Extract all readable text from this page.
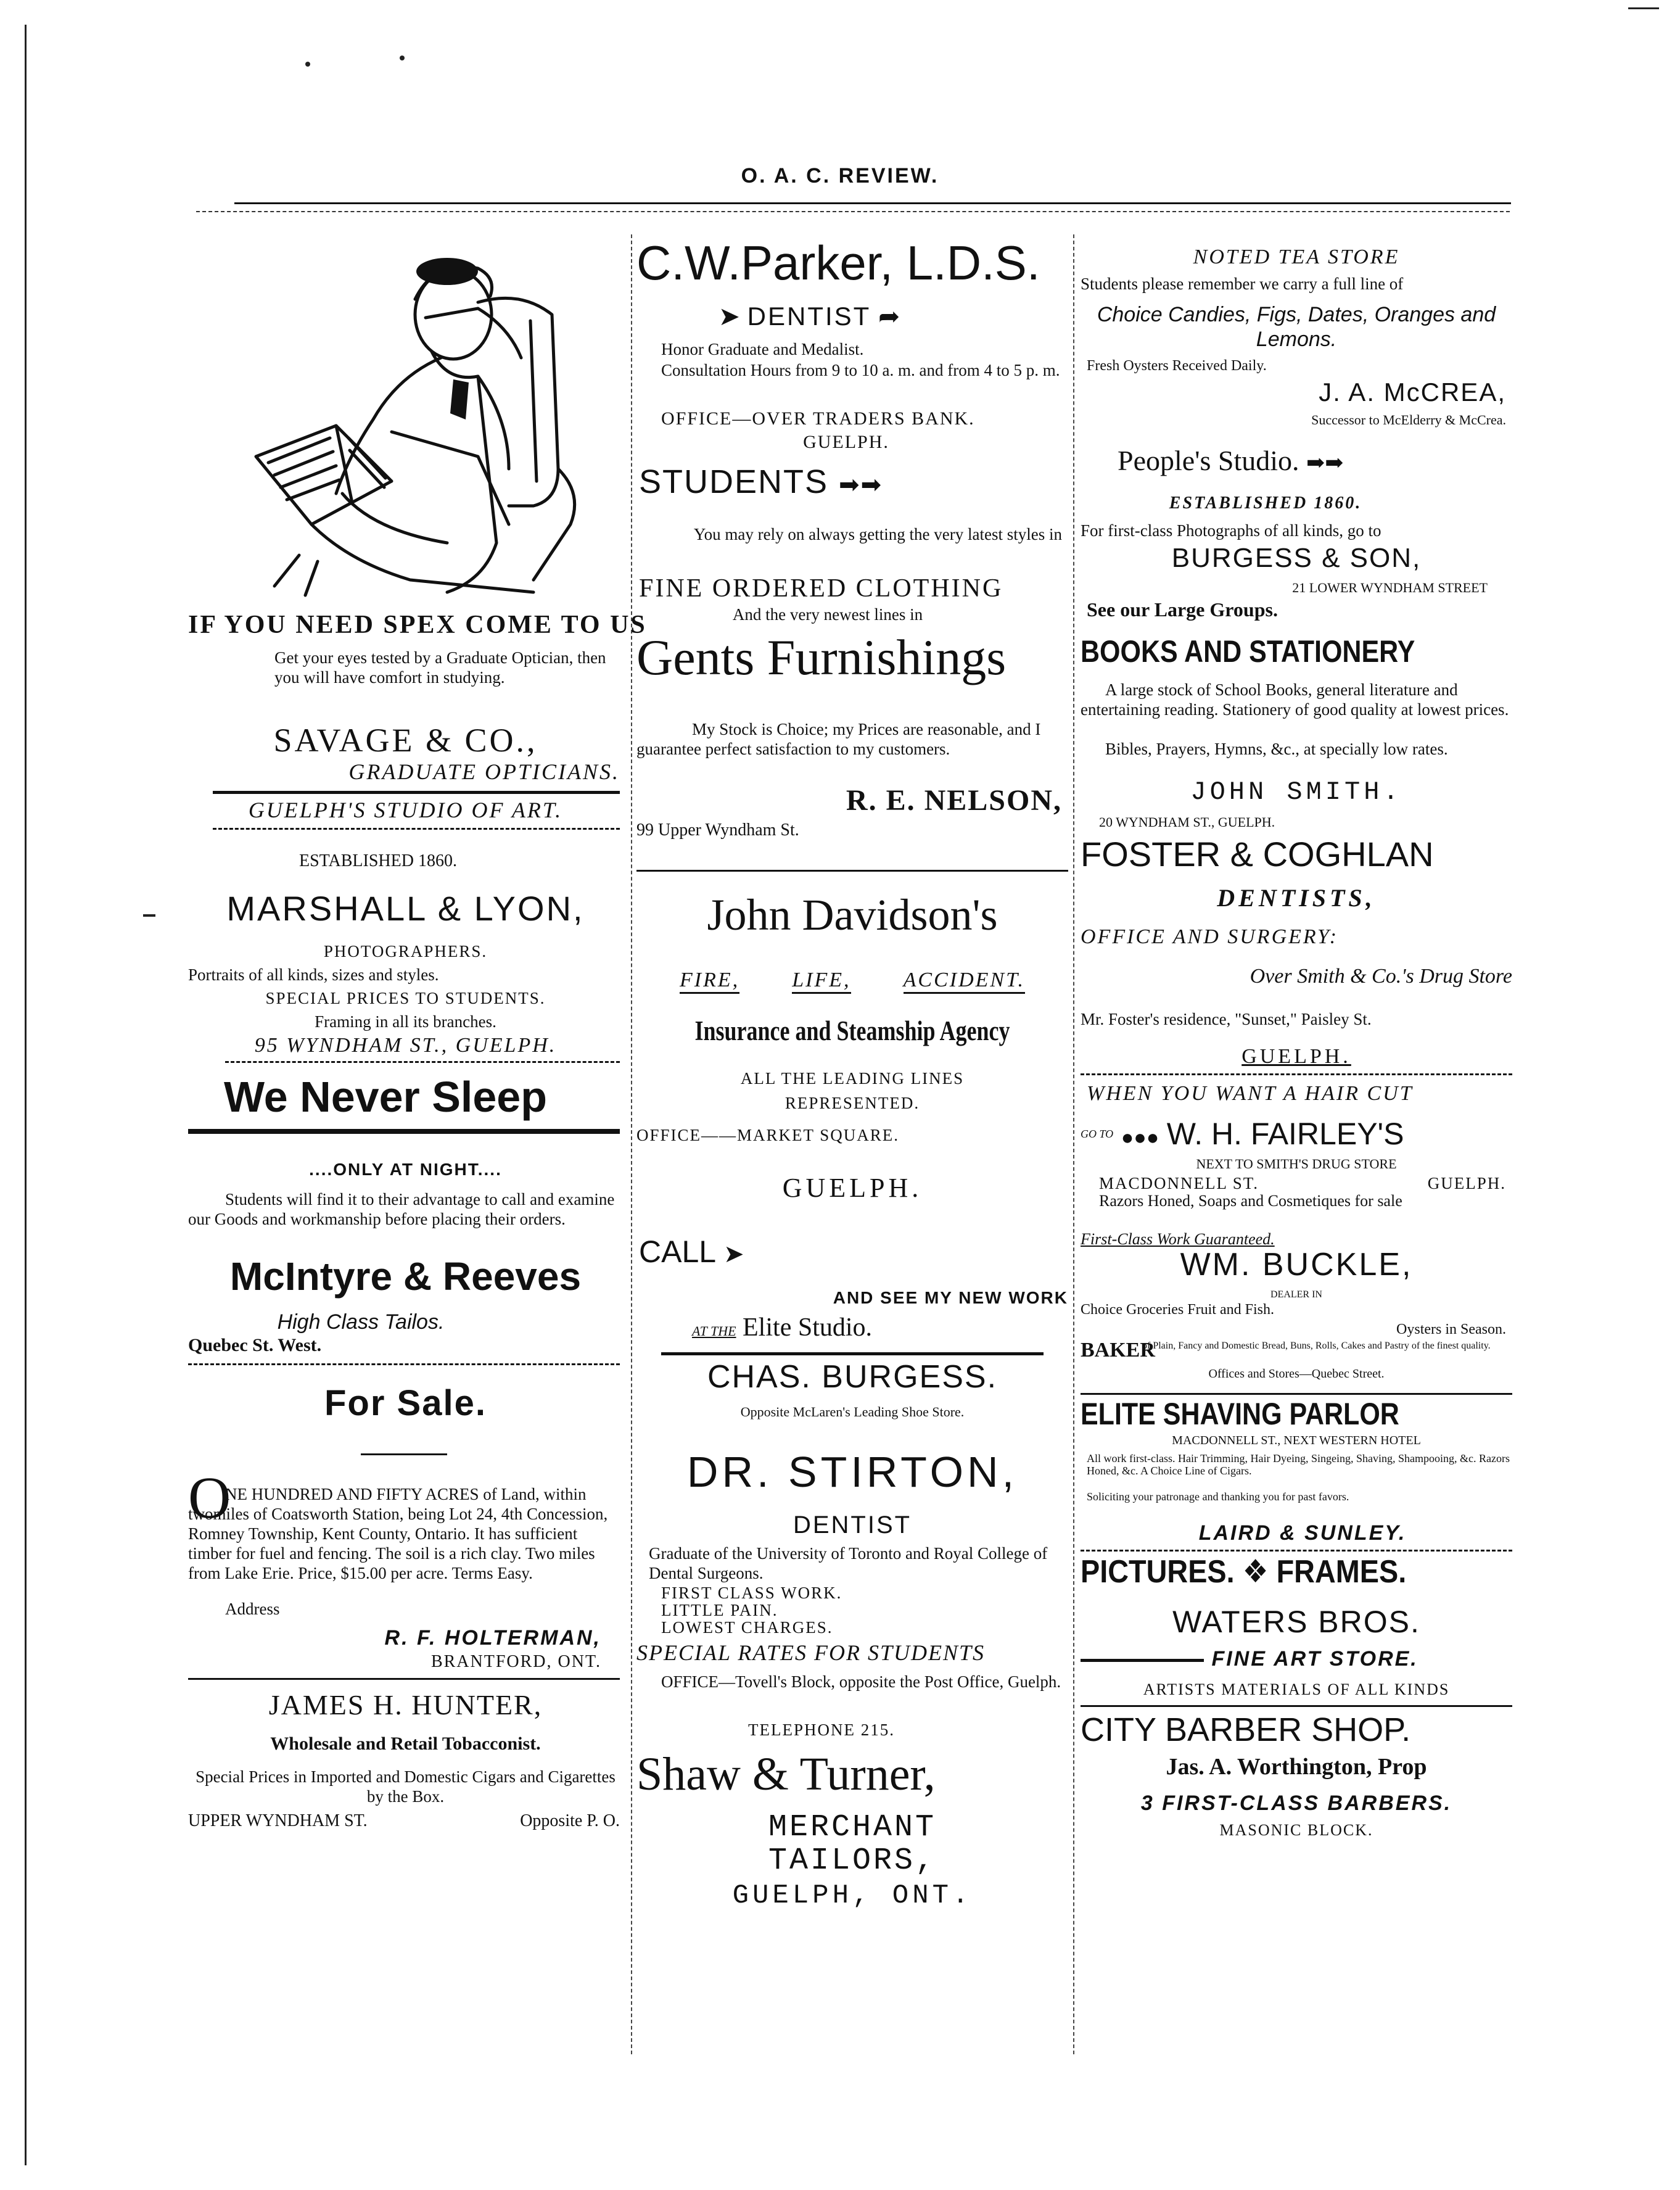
O. A. C. REVIEW.
IF YOU NEED SPEX COME TO US
Get your eyes tested by a Graduate Optician, then you will have comfort in studying.
SAVAGE & CO.,
GRADUATE OPTICIANS.
GUELPH'S STUDIO OF ART.
ESTABLISHED 1860.
MARSHALL & LYON,
PHOTOGRAPHERS.
Portraits of all kinds, sizes and styles.
SPECIAL PRICES TO STUDENTS.
Framing in all its branches.
95 WYNDHAM ST., GUELPH.
We Never Sleep
....ONLY AT NIGHT....
Students will find it to their advantage to call and examine our Goods and workmanship before placing their orders.
McIntyre & Reeves
High Class Tailos.
Quebec St. West.
For Sale.
O
NE HUNDRED AND FIFTY ACRES of Land, within twomiles of Coatsworth Station, being Lot 24, 4th Concession, Romney Township, Kent County, Ontario. It has sufficient timber for fuel and fencing. The soil is a rich clay. Two miles from Lake Erie. Price, $15.00 per acre. Terms Easy.
Address
R. F. HOLTERMAN,
BRANTFORD, ONT.
JAMES H. HUNTER,
Wholesale and Retail Tobacconist.
Special Prices in Imported and Domestic Cigars and Cigarettes by the Box.
UPPER WYNDHAM ST.	Opposite P. O.
C.W.Parker, L.D.S.
➤ DENTIST ➦
Honor Graduate and Medalist.
Consultation Hours from 9 to 10 a. m. and from 4 to 5 p. m.
OFFICE—OVER TRADERS BANK.
GUELPH.
STUDENTS ➡➡
You may rely on always getting the very latest styles in
FINE ORDERED CLOTHING
And the very newest lines in
Gents Furnishings
My Stock is Choice; my Prices are reasonable, and I guarantee perfect satisfaction to my customers.
R. E. NELSON,
99 Upper Wyndham St.
John Davidson's
FIRE,	LIFE,	ACCIDENT.
Insurance and Steamship Agency
ALL THE LEADING LINES
REPRESENTED.
OFFICE——MARKET SQUARE.
GUELPH.
CALL ➤
AND SEE MY NEW WORK
AT THE Elite Studio.
CHAS. BURGESS.
Opposite McLaren's Leading Shoe Store.
DR. STIRTON,
DENTIST
Graduate of the University of Toronto and Royal College of Dental Surgeons.
FIRST CLASS WORK.
LITTLE PAIN.
LOWEST CHARGES.
SPECIAL RATES FOR STUDENTS
OFFICE—Tovell's Block, opposite the Post Office, Guelph.
TELEPHONE 215.
Shaw & Turner,
MERCHANT
TAILORS,
GUELPH, ONT.
NOTED TEA STORE
Students please remember we carry a full line of
Choice Candies, Figs, Dates, Oranges and Lemons.
Fresh Oysters Received Daily.
J. A. McCREA,
Successor to McElderry & McCrea.
People's Studio. ➡➡
ESTABLISHED 1860.
For first-class Photographs of all kinds, go to
BURGESS & SON,
21 LOWER WYNDHAM STREET
See our Large Groups.
BOOKS AND STATIONERY
A large stock of School Books, general literature and entertaining reading. Stationery of good quality at lowest prices.
Bibles, Prayers, Hymns, &c., at specially low rates.
JOHN SMITH.
20 WYNDHAM ST., GUELPH.
FOSTER & COGHLAN
DENTISTS,
OFFICE AND SURGERY:
Over Smith & Co.'s Drug Store
Mr. Foster's residence, "Sunset," Paisley St.
GUELPH.
WHEN YOU WANT A HAIR CUT
$^{GO TO}$ ●●● W. H. FAIRLEY'S
NEXT TO SMITH'S DRUG STORE
MACDONNELL ST.	GUELPH.
Razors Honed, Soaps and Cosmetiques for sale
First-Class Work Guaranteed.
WM. BUCKLE,
DEALER IN
Choice Groceries Fruit and Fish.
Oysters in Season.
BAKER
of Plain, Fancy and Domestic Bread, Buns, Rolls, Cakes and Pastry of the finest quality.
Offices and Stores—Quebec Street.
ELITE SHAVING PARLOR
MACDONNELL ST., NEXT WESTERN HOTEL
All work first-class. Hair Trimming, Hair Dyeing, Singeing, Shaving, Shampooing, &c. Razors Honed, &c. A Choice Line of Cigars.
Soliciting your patronage and thanking you for past favors.
LAIRD & SUNLEY.
PICTURES. ❖ FRAMES.
WATERS BROS.
FINE ART STORE.
ARTISTS MATERIALS OF ALL KINDS
CITY BARBER SHOP.
Jas. A. Worthington, Prop
3 FIRST-CLASS BARBERS.
MASONIC BLOCK.
